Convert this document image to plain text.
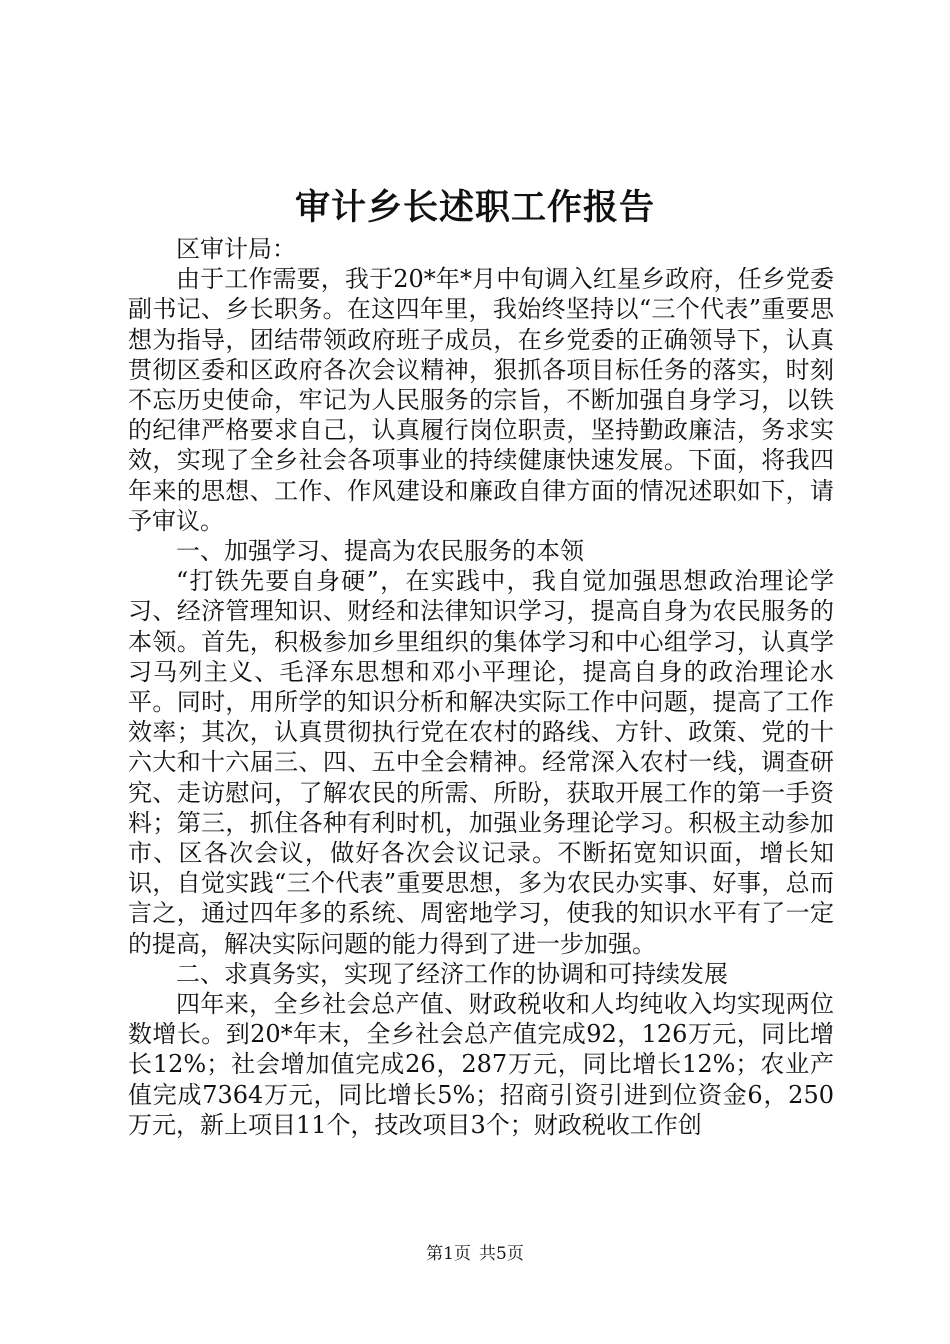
审计乡长述职工作报告

区审计局：

由于工作需要，我于20*年*月中旬调入红星乡政府，任乡党委副书记、乡长职务。在这四年里，我始终坚持以“三个代表”重要思想为指导，团结带领政府班子成员，在乡党委的正确领导下，认真贯彻区委和区政府各次会议精神，狠抓各项目标任务的落实，时刻不忘历史使命，牢记为人民服务的宗旨，不断加强自身学习，以铁的纪律严格要求自己，认真履行岗位职责，坚持勤政廉洁，务求实效，实现了全乡社会各项事业的持续健康快速发展。下面，将我四年来的思想、工作、作风建设和廉政自律方面的情况述职如下，请予审议。

一、加强学习、提高为农民服务的本领

“打铁先要自身硬”，在实践中，我自觉加强思想政治理论学习、经济管理知识、财经和法律知识学习，提高自身为农民服务的本领。首先，积极参加乡里组织的集体学习和中心组学习，认真学习马列主义、毛泽东思想和邓小平理论，提高自身的政治理论水平。同时，用所学的知识分析和解决实际工作中问题，提高了工作效率；其次，认真贯彻执行党在农村的路线、方针、政策、党的十六大和十六届三、四、五中全会精神。经常深入农村一线，调查研究、走访慰问，了解农民的所需、所盼，获取开展工作的第一手资料；第三，抓住各种有利时机，加强业务理论学习。积极主动参加市、区各次会议，做好各次会议记录。不断拓宽知识面，增长知识，自觉实践“三个代表”重要思想，多为农民办实事、好事，总而言之，通过四年多的系统、周密地学习，使我的知识水平有了一定的提高，解决实际问题的能力得到了进一步加强。

二、求真务实，实现了经济工作的协调和可持续发展

四年来，全乡社会总产值、财政税收和人均纯收入均实现两位数增长。到20*年末，全乡社会总产值完成92，126万元，同比增长12%；社会增加值完成26，287万元，同比增长12%；农业产值完成7364万元，同比增长5%；招商引资引进到位资金6，250万元，新上项目11个，技改项目3个；财政税收工作创

第1页 共5页
